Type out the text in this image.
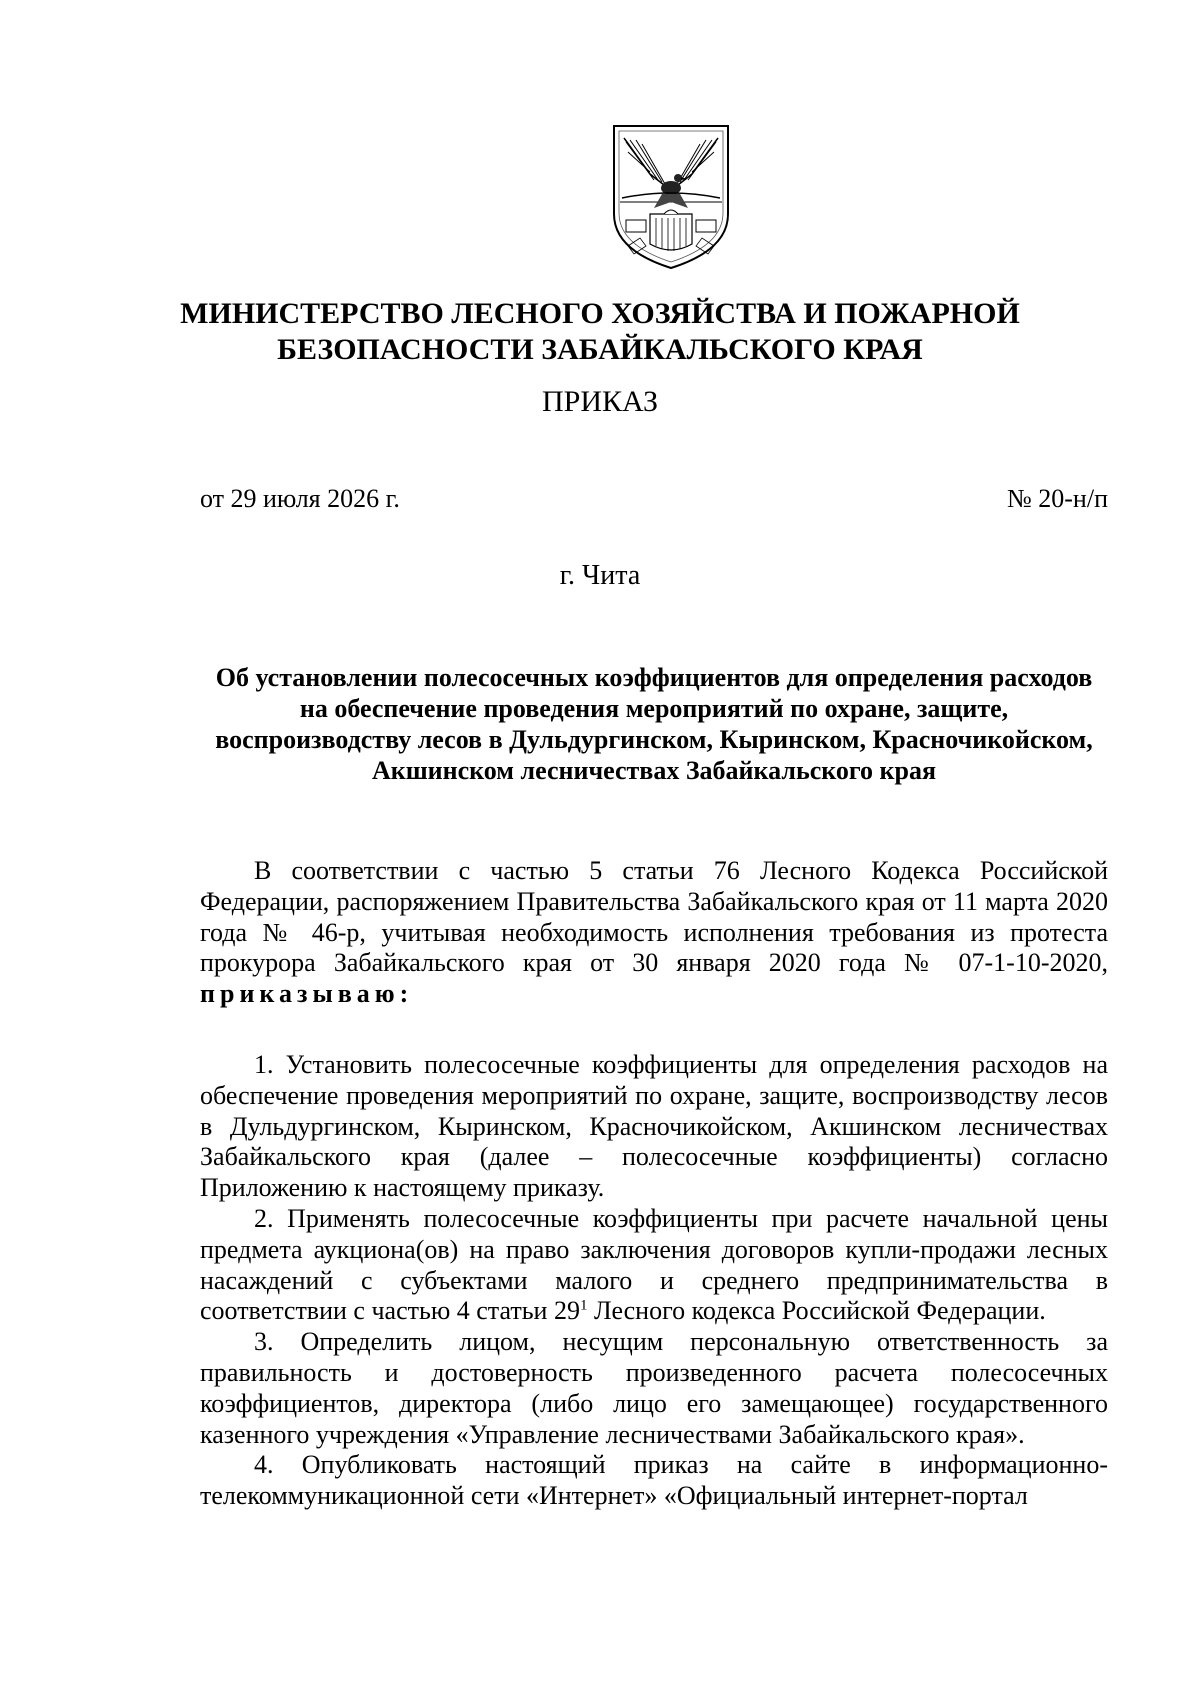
МИНИСТЕРСТВО ЛЕСНОГО ХОЗЯЙСТВА И ПОЖАРНОЙ
БЕЗОПАСНОСТИ ЗАБАЙКАЛЬСКОГО КРАЯ
ПРИКАЗ
от 29 июля 2026 г.	№ 20-н/п
г. Чита
Об установлении полесосечных коэффициентов для определения расходов на обеспечение проведения мероприятий по охране, защите, воспроизводству лесов в Дульдургинском, Кыринском, Красночикойском, Акшинском лесничествах Забайкальского края

В соответствии с частью 5 статьи 76 Лесного Кодекса Российской Федерации, распоряжением Правительства Забайкальского края от 11 марта 2020 года № 46-р, учитывая необходимость исполнения требования из протеста прокурора Забайкальского края от 30 января 2020 года № 07-1-10-2020, приказываю:

1. Установить полесосечные коэффициенты для определения расходов на обеспечение проведения мероприятий по охране, защите, воспроизводству лесов в Дульдургинском, Кыринском, Красночикойском, Акшинском лесничествах Забайкальского края (далее – полесосечные коэффициенты) согласно Приложению к настоящему приказу.

2. Применять полесосечные коэффициенты при расчете начальной цены предмета аукциона(ов) на право заключения договоров купли-продажи лесных насаждений с субъектами малого и среднего предпринимательства в соответствии с частью 4 статьи $29^1$ Лесного кодекса Российской Федерации.

3. Определить лицом, несущим персональную ответственность за правильность и достоверность произведенного расчета полесосечных коэффициентов, директора (либо лицо его замещающее) государственного казенного учреждения «Управление лесничествами Забайкальского края».

4. Опубликовать настоящий приказ на сайте в информационно-телекоммуникационной сети «Интернет» «Официальный интернет-портал
